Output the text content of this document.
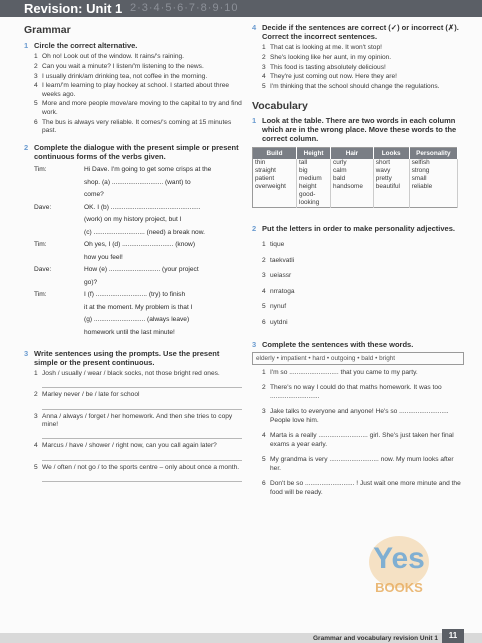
Revision: Unit 1 2·3·4·5·6·7·8·9·10
Grammar
1 Circle the correct alternative.
1 Oh no! Look out of the window. It rains/'s raining.
2 Can you wait a minute? I listen/'m listening to the news.
3 I usually drink/am drinking tea, not coffee in the morning.
4 I learn/'m learning to play hockey at school. I started about three weeks ago.
5 More and more people move/are moving to the capital to try and find work.
6 The bus is always very reliable. It comes/'s coming at 15 minutes past.
2 Complete the dialogue with the present simple or present continuous forms of the verbs given.
Tim:	Hi Dave. I'm going to get some crisps at the
shop. (a) ............................ (want) to
come?
Dave:	OK. I (b) .................................................
(work) on my history project, but I
(c) ............................ (need) a break now.
Tim:	Oh yes, I (d) ............................ (know)
how you feel!
Dave:	How (e) ............................ (your project
go)?
Tim:	I (f) ............................ (try) to finish
it at the moment. My problem is that I
(g) ............................ (always leave)
homework until the last minute!
3 Write sentences using the prompts. Use the present simple or the present continuous.
1 Josh / usually / wear / black socks, not those bright red ones.
2 Marley never / be / late for school
3 Anna / always / forget / her homework. And then she tries to copy mine!
4 Marcus / have / shower / right now, can you call again later?
5 We / often / not go / to the sports centre – only about once a month.
4 Decide if the sentences are correct (✓) or incorrect (✗). Correct the incorrect sentences.
1 That cat is looking at me. It won't stop!
2 She's looking like her aunt, in my opinion.
3 This food is tasting absolutely delicious!
4 They're just coming out now. Here they are!
5 I'm thinking that the school should change the regulations.
Vocabulary
1 Look at the table. There are two words in each column which are in the wrong place. Move these words to the correct column.
Build	Height	Hair	Looks	Personality
thin	tall	curly	short	selfish
straight	big	calm	wavy	strong
patient	medium	bald	pretty	small
overweight	height	handsome	beautiful	reliable
	good-			
	looking			
2 Put the letters in order to make personality adjectives.
1 tique
2 taekvatli
3 ueiassr
4 nrratoga
5 nynuf
6 uytdni
3 Complete the sentences with these words.
elderly • impatient • hard • outgoing • bald • bright
1 I'm so ........................... that you came to my party.
2 There's no way I could do that maths homework. It was too ...........................
3 Jake talks to everyone and anyone! He's so ........................... People love him.
4 Marta is a really ........................... girl. She's just taken her final exams a year early.
5 My grandma is very ........................... now. My mum looks after her.
6 Don't be so ........................... ! Just wait one more minute and the food will be ready.
Yes
BOOKS
Grammar and vocabulary revision Unit 1	11
